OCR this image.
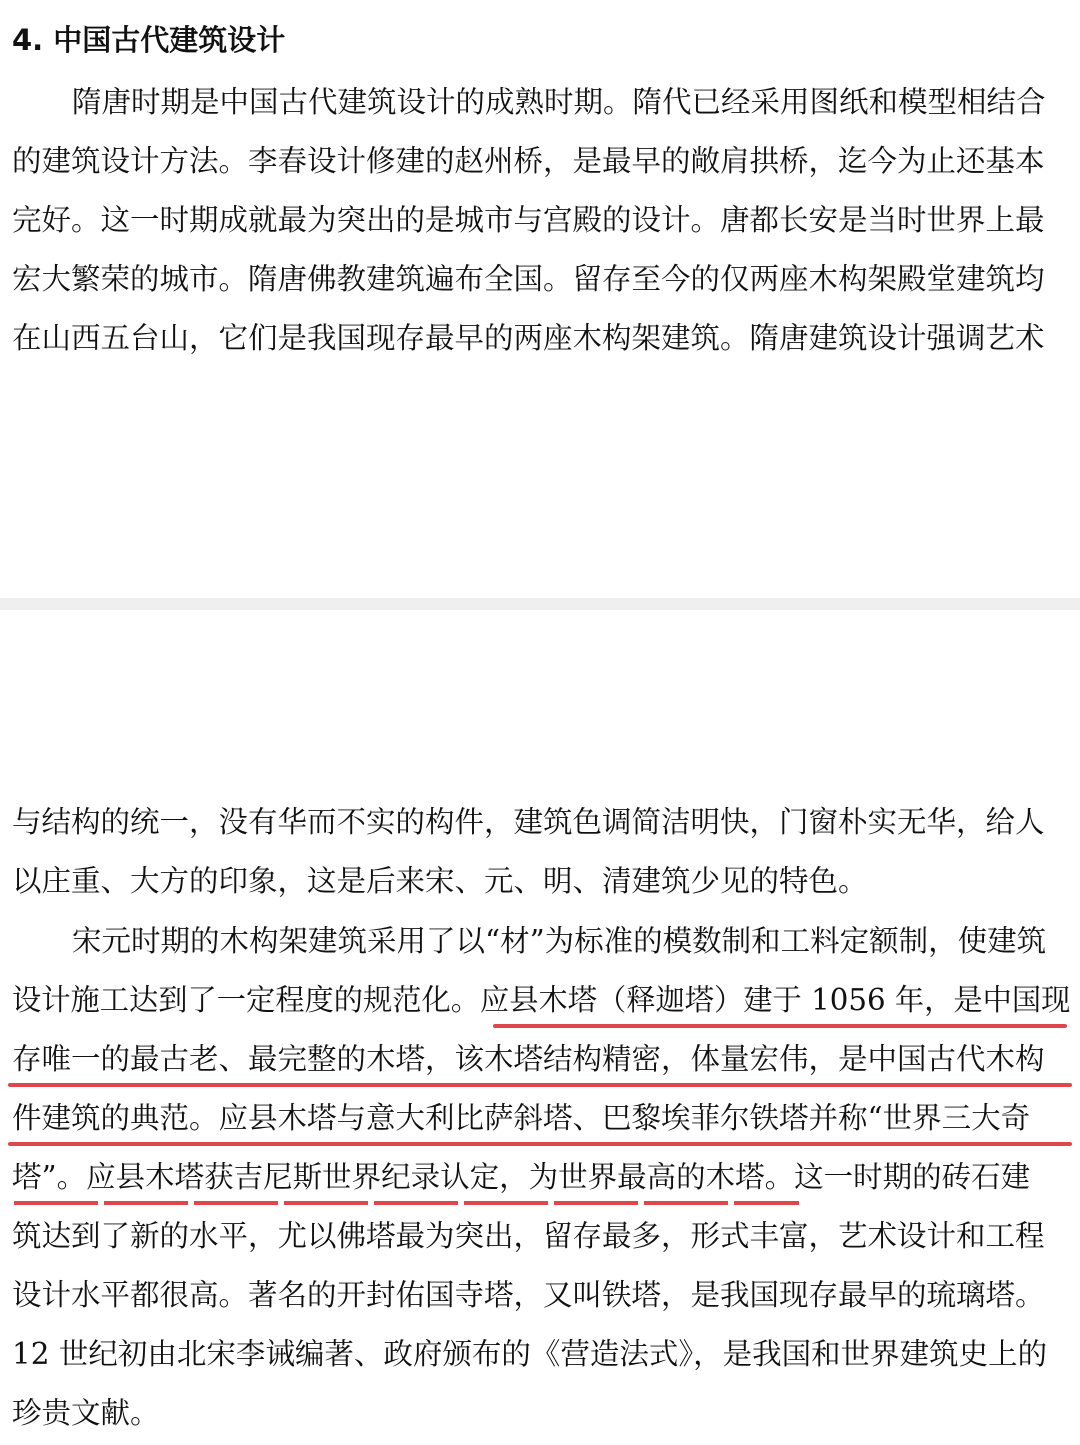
4. 中国古代建筑设计

隋唐时期是中国古代建筑设计的成熟时期。隋代已经采用图纸和模型相结合

的建筑设计方法。李春设计修建的赵州桥，是最早的敞肩拱桥，迄今为止还基本

完好。这一时期成就最为突出的是城市与宫殿的设计。唐都长安是当时世界上最

宏大繁荣的城市。隋唐佛教建筑遍布全国。留存至今的仅两座木构架殿堂建筑均

在山西五台山，它们是我国现存最早的两座木构架建筑。隋唐建筑设计强调艺术

与结构的统一，没有华而不实的构件，建筑色调简洁明快，门窗朴实无华，给人

以庄重、大方的印象，这是后来宋、元、明、清建筑少见的特色。

宋元时期的木构架建筑采用了以“材”为标准的模数制和工料定额制，使建筑

设计施工达到了一定程度的规范化。应县木塔（释迦塔）建于 1056 年，是中国现

存唯一的最古老、最完整的木塔，该木塔结构精密，体量宏伟，是中国古代木构

件建筑的典范。应县木塔与意大利比萨斜塔、巴黎埃菲尔铁塔并称“世界三大奇

塔”。应县木塔获吉尼斯世界纪录认定，为世界最高的木塔。这一时期的砖石建

筑达到了新的水平，尤以佛塔最为突出，留存最多，形式丰富，艺术设计和工程

设计水平都很高。著名的开封佑国寺塔，又叫铁塔，是我国现存最早的琉璃塔。

12 世纪初由北宋李诫编著、政府颁布的《营造法式》，是我国和世界建筑史上的

珍贵文献。
